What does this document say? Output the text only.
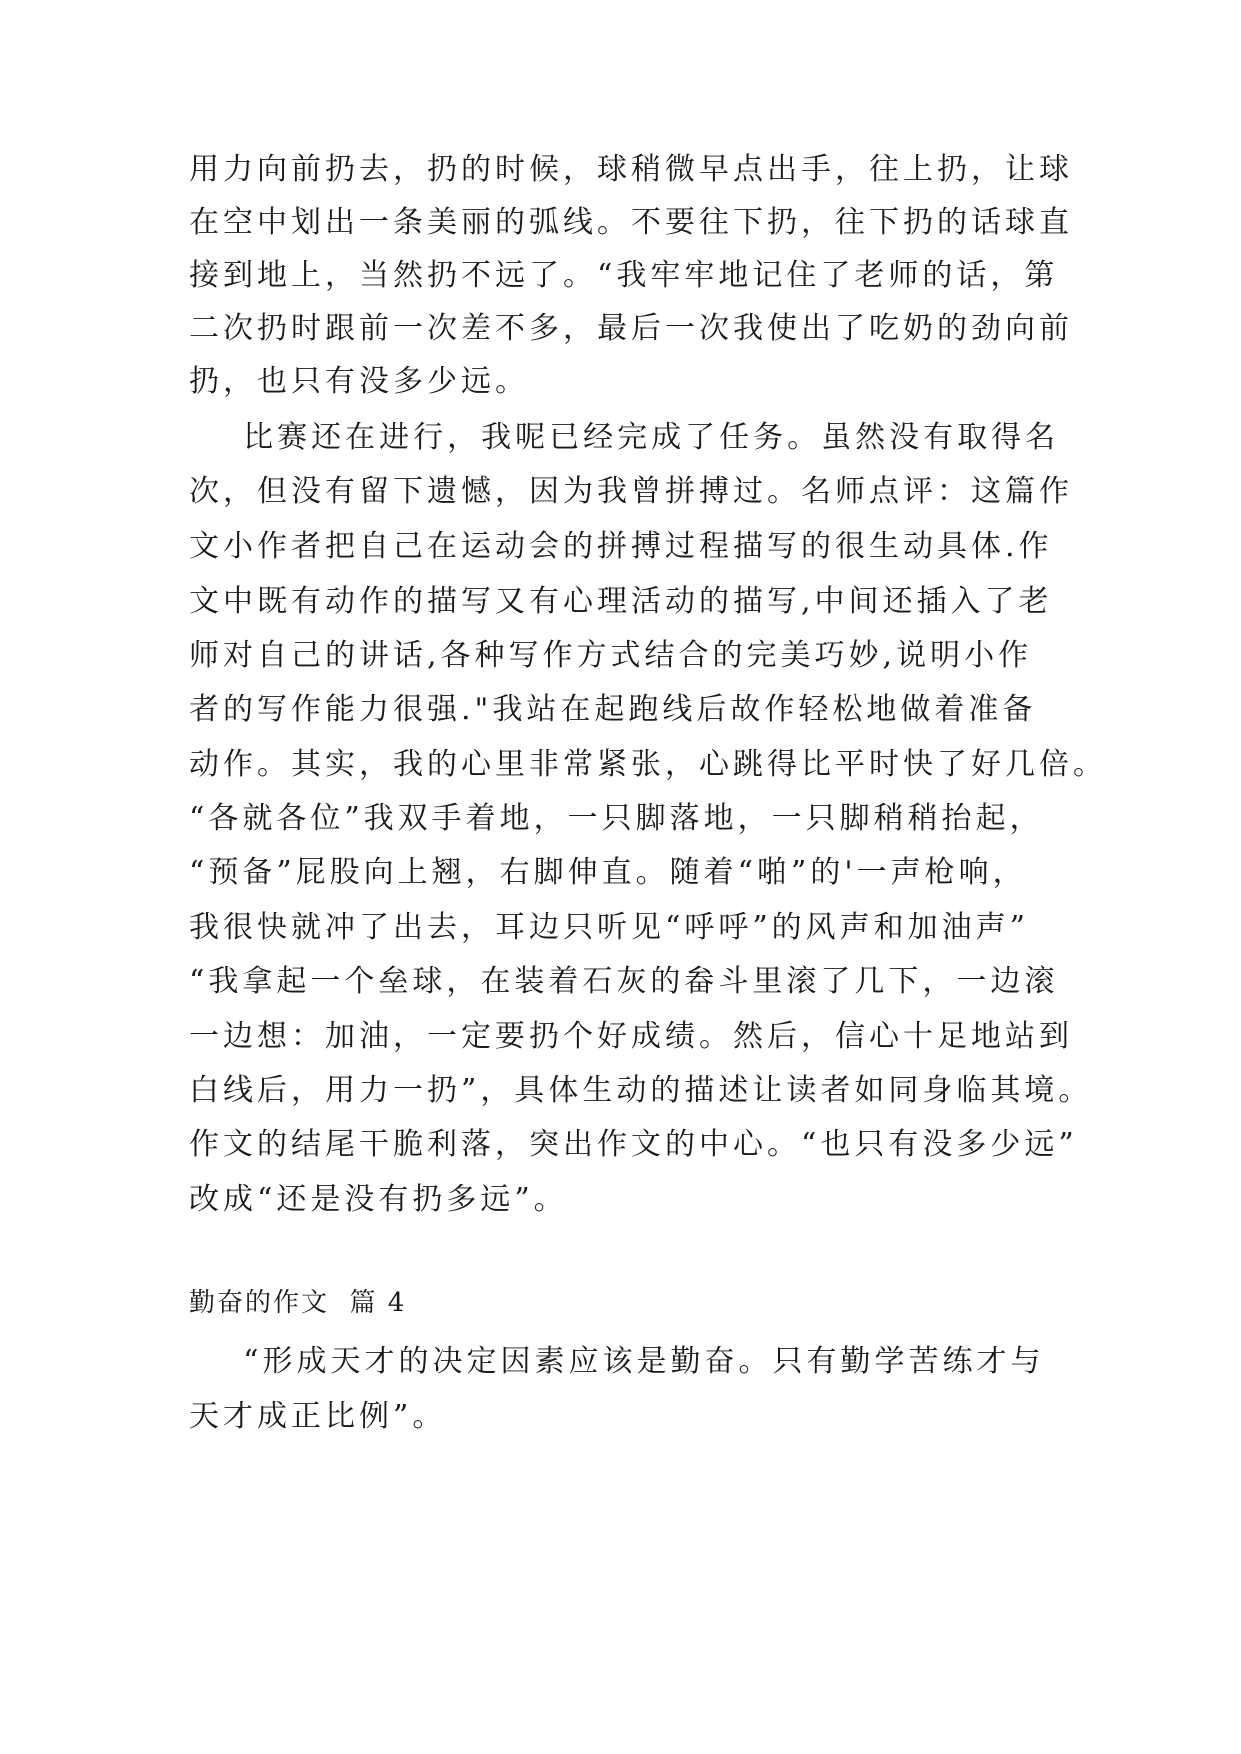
用力向前扔去，扔的时候，球稍微早点出手，往上扔，让球
在空中划出一条美丽的弧线。不要往下扔，往下扔的话球直
接到地上，当然扔不远了。“我牢牢地记住了老师的话，第
二次扔时跟前一次差不多，最后一次我使出了吃奶的劲向前
扔，也只有没多少远。
比赛还在进行，我呢已经完成了任务。虽然没有取得名
次，但没有留下遗憾，因为我曾拼搏过。名师点评：这篇作
文小作者把自己在运动会的拼搏过程描写的很生动具体.作
文中既有动作的描写又有心理活动的描写,中间还插入了老
师对自己的讲话,各种写作方式结合的完美巧妙,说明小作
者的写作能力很强."我站在起跑线后故作轻松地做着准备
动作。其实，我的心里非常紧张，心跳得比平时快了好几倍。
“各就各位”我双手着地，一只脚落地，一只脚稍稍抬起，
“预备”屁股向上翘，右脚伸直。随着“啪”的'一声枪响，
我很快就冲了出去，耳边只听见“呼呼”的风声和加油声”
“我拿起一个垒球，在装着石灰的畚斗里滚了几下，一边滚
一边想：加油，一定要扔个好成绩。然后，信心十足地站到
白线后，用力一扔”，具体生动的描述让读者如同身临其境。
作文的结尾干脆利落，突出作文的中心。“也只有没多少远”
改成“还是没有扔多远”。
勤奋的作文  篇 4
“形成天才的决定因素应该是勤奋。只有勤学苦练才与
天才成正比例”。
